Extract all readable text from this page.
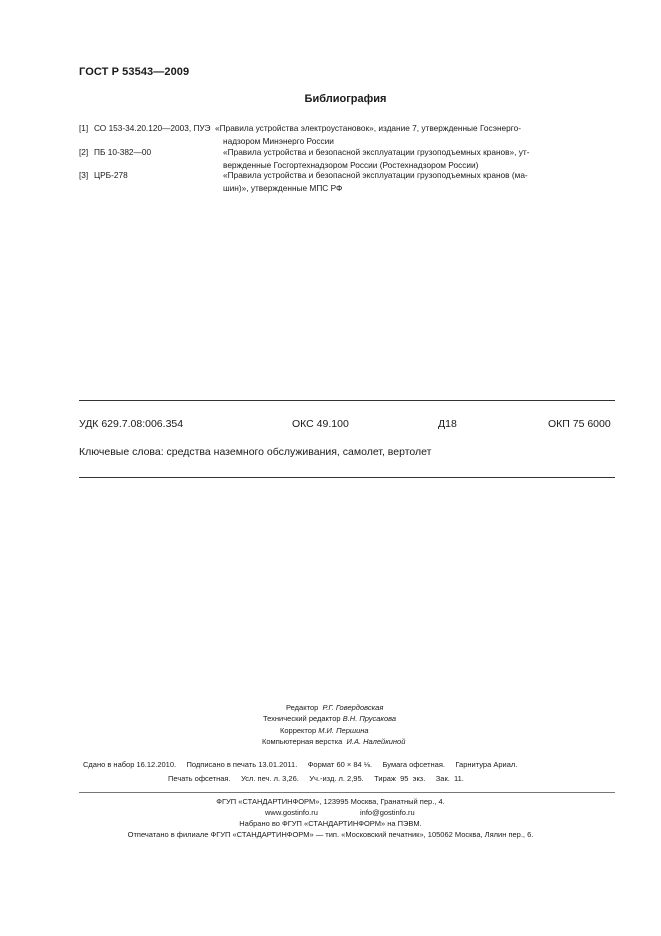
ГОСТ Р 53543—2009
Библиография
[1] СО 153-34.20.120—2003, ПУЭ «Правила устройства электроустановок», издание 7, утвержденные Госэнерго-
надзором Минэнерго России
[2] ПБ 10-382—00	«Правила устройства и безопасной эксплуатации грузоподъемных кранов», ут-
вержденные Госгортехнадзором России (Ростехнадзором России)
[3] ЦРБ-278	«Правила устройства и безопасной эксплуатации грузоподъемных кранов (ма-
шин)», утвержденные МПС РФ
УДК 629.7.08:006.354	ОКС 49.100	Д18	ОКП 75 6000
Ключевые слова: средства наземного обслуживания, самолет, вертолет
Редактор Р.Г. Говердовская
Технический редактор В.Н. Прусакова
Корректор М.И. Першина
Компьютерная верстка И.А. Налейкиной
Сдано в набор 16.12.2010.     Подписано в печать 13.01.2011.     Формат 60 × 84 ⅛.     Бумага офсетная.     Гарнитура Ариал.
Печать офсетная.     Усл. печ. л. 3,26.     Уч.-изд. л. 2,95.     Тираж  95  экз.     Зак.  11.
ФГУП «СТАНДАРТИНФОРМ», 123995 Москва, Гранатный пер., 4.
www.gostinfo.ru	info@gostinfo.ru
Набрано во ФГУП «СТАНДАРТИНФОРМ» на ПЭВМ.
Отпечатано в филиале ФГУП «СТАНДАРТИНФОРМ» — тип. «Московский печатник», 105062 Москва, Лялин пер., 6.
